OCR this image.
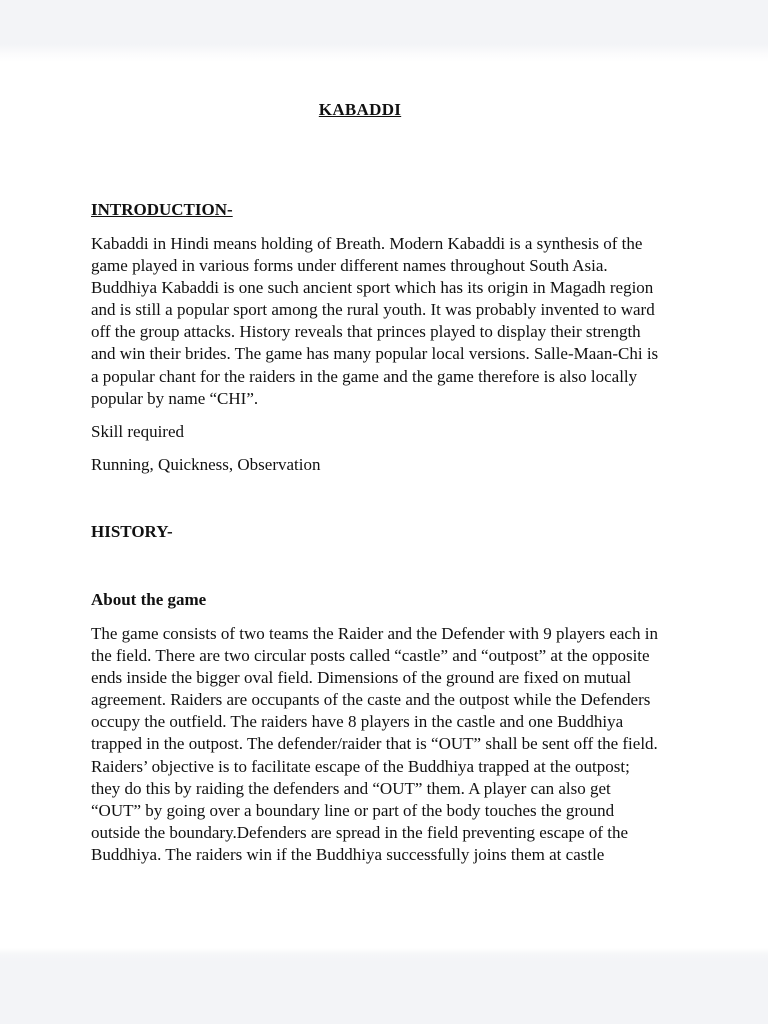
KABADDI
INTRODUCTION-
Kabaddi in Hindi means holding of Breath. Modern Kabaddi is a synthesis of the
game played in various forms under different names throughout South Asia.
Buddhiya Kabaddi is one such ancient sport which has its origin in Magadh region
and is still a popular sport among the rural youth. It was probably invented to ward
off the group attacks. History reveals that princes played to display their strength
and win their brides. The game has many popular local versions. Salle-Maan-Chi is
a popular chant for the raiders in the game and the game therefore is also locally
popular by name “CHI”.
Skill required
Running, Quickness, Observation
HISTORY-
About the game
The game consists of two teams the Raider and the Defender with 9 players each in
the field. There are two circular posts called “castle” and “outpost” at the opposite
ends inside the bigger oval field. Dimensions of the ground are fixed on mutual
agreement. Raiders are occupants of the caste and the outpost while the Defenders
occupy the outfield. The raiders have 8 players in the castle and one Buddhiya
trapped in the outpost. The defender/raider that is “OUT” shall be sent off the field.
Raiders’ objective is to facilitate escape of the Buddhiya trapped at the outpost;
they do this by raiding the defenders and “OUT” them. A player can also get
“OUT” by going over a boundary line or part of the body touches the ground
outside the boundary.Defenders are spread in the field preventing escape of the
Buddhiya. The raiders win if the Buddhiya successfully joins them at castle
